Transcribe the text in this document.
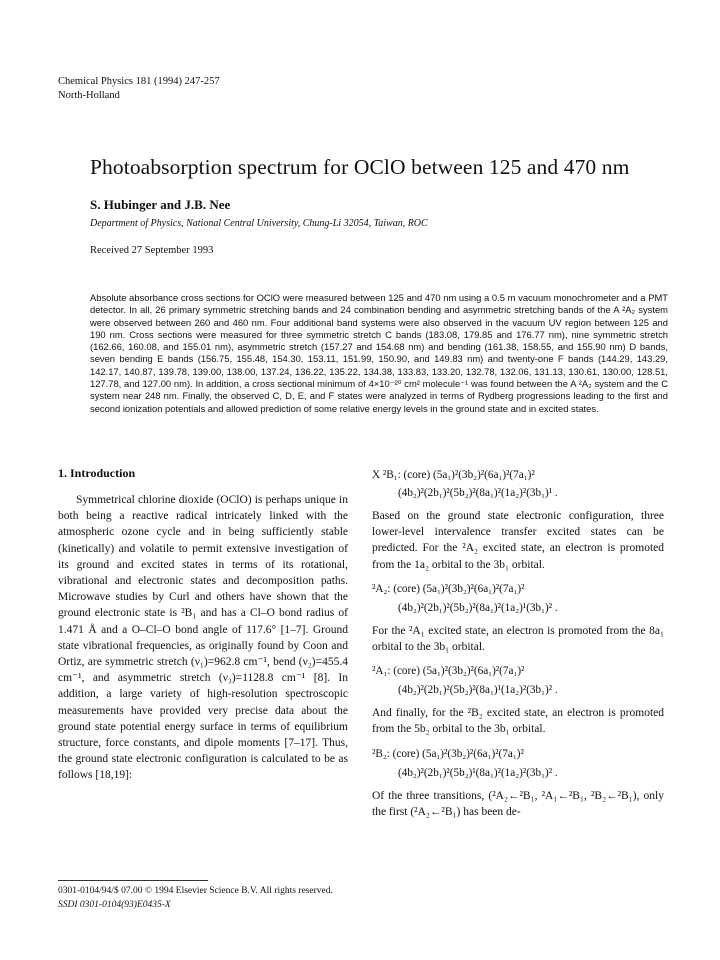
Chemical Physics 181 (1994) 247-257
North-Holland
Photoabsorption spectrum for OClO between 125 and 470 nm
S. Hubinger and J.B. Nee
Department of Physics, National Central University, Chung-Li 32054, Taiwan, ROC
Received 27 September 1993
Absolute absorbance cross sections for OClO were measured between 125 and 470 nm using a 0.5 m vacuum monochrometer and a PMT detector. In all, 26 primary symmetric stretching bands and 24 combination bending and asymmetric stretching bands of the A ²A₂ system were observed between 260 and 460 nm. Four additional band systems were also observed in the vacuum UV region between 125 and 190 nm. Cross sections were measured for three symmetric stretch C bands (183.08, 179.85 and 176.77 nm), nine symmetric stretch (162.66, 160.08, and 155.01 nm), asymmetric stretch (157.27 and 154.68 nm) and bending (161.38, 158.55, and 155.90 nm) D bands, seven bending E bands (156.75, 155.48, 154.30, 153.11, 151.99, 150.90, and 149.83 nm) and twenty-one F bands (144.29, 143.29, 142.17, 140.87, 139.78, 139.00, 138.00, 137.24, 136.22, 135.22, 134.38, 133.83, 133.20, 132.78, 132.06, 131.13, 130.61, 130.00, 128.51, 127.78, and 127.00 nm). In addition, a cross sectional minimum of 4×10⁻²⁰ cm² molecule⁻¹ was found between the A ²A₂ system and the C system near 248 nm. Finally, the observed C, D, E, and F states were analyzed in terms of Rydberg progressions leading to the first and second ionization potentials and allowed prediction of some relative energy levels in the ground state and in excited states.
1. Introduction
Symmetrical chlorine dioxide (OClO) is perhaps unique in both being a reactive radical intricately linked with the atmospheric ozone cycle and in being sufficiently stable (kinetically) and volatile to permit extensive investigation of its ground and excited states in terms of its rotational, vibrational and electronic states and decomposition paths. Microwave studies by Curl and others have shown that the ground electronic state is ²B₁ and has a Cl–O bond radius of 1.471 Å and a O–Cl–O bond angle of 117.6° [1–7]. Ground state vibrational frequencies, as originally found by Coon and Ortiz, are symmetric stretch (ν₁)=962.8 cm⁻¹, bend (ν₂)=455.4 cm⁻¹, and asymmetric stretch (ν₃)=1128.8 cm⁻¹ [8]. In addition, a large variety of high-resolution spectroscopic measurements have provided very precise data about the ground state potential energy surface in terms of equilibrium structure, force constants, and dipole moments [7–17]. Thus, the ground state electronic configuration is calculated to be as follows [18,19]:
X ²B₁: (core) (5a₁)²(3b₂)²(6a₁)²(7a₁)²
(4b₂)²(2b₁)²(5b₂)²(8a₁)²(1a₂)²(3b₁)¹ .
Based on the ground state electronic configuration, three lower-level intervalence transfer excited states can be predicted. For the ²A₂ excited state, an electron is promoted from the 1a₂ orbital to the 3b₁ orbital.
²A₂: (core) (5a₁)²(3b₂)²(6a₁)²(7a₁)²
(4b₂)²(2b₁)²(5b₂)²(8a₁)²(1a₂)¹(3b₁)² .
For the ²A₁ excited state, an electron is promoted from the 8a₁ orbital to the 3b₁ orbital.
²A₁: (core) (5a₁)²(3b₂)²(6a₁)²(7a₁)²
(4b₂)²(2b₁)²(5b₂)²(8a₁)¹(1a₂)²(3b₁)² .
And finally, for the ²B₂ excited state, an electron is promoted from the 5b₂ orbital to the 3b₁ orbital.
²B₂: (core) (5a₁)²(3b₂)²(6a₁)²(7a₁)²
(4b₂)²(2b₁)²(5b₂)¹(8a₁)²(1a₂)²(3b₁)² .
Of the three transitions, (²A₂←²B₁, ²A₁←²B₁, ²B₂←²B₁), only the first (²A₂←²B₁) has been de-
0301-0104/94/$ 07.00 © 1994 Elsevier Science B.V. All rights reserved.
SSDI 0301-0104(93)E0435-X
